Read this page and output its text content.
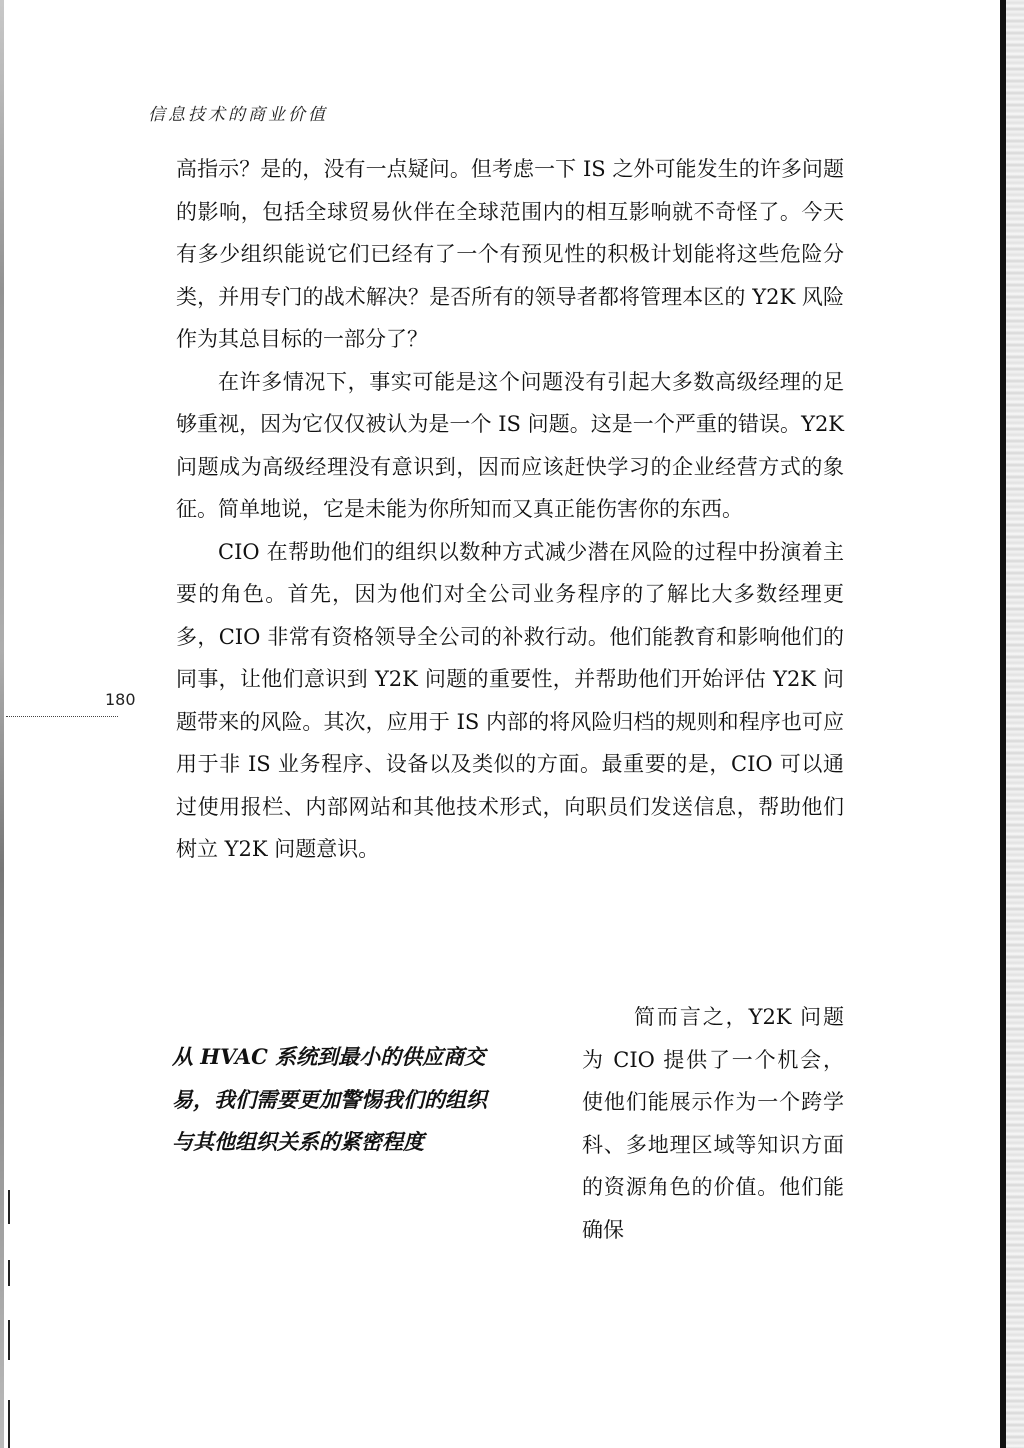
信息技术的商业价值
180

高指示？是的，没有一点疑问。但考虑一下 IS 之外可能发生的许多问题的影响，包括全球贸易伙伴在全球范围内的相互影响就不奇怪了。今天有多少组织能说它们已经有了一个有预见性的积极计划能将这些危险分类，并用专门的战术解决？是否所有的领导者都将管理本区的 Y2K 风险作为其总目标的一部分了？

在许多情况下，事实可能是这个问题没有引起大多数高级经理的足够重视，因为它仅仅被认为是一个 IS 问题。这是一个严重的错误。Y2K 问题成为高级经理没有意识到，因而应该赶快学习的企业经营方式的象征。简单地说，它是未能为你所知而又真正能伤害你的东西。

CIO 在帮助他们的组织以数种方式减少潜在风险的过程中扮演着主要的角色。首先，因为他们对全公司业务程序的了解比大多数经理更多，CIO 非常有资格领导全公司的补救行动。他们能教育和影响他们的同事，让他们意识到 Y2K 问题的重要性，并帮助他们开始评估 Y2K 问题带来的风险。其次，应用于 IS 内部的将风险归档的规则和程序也可应用于非 IS 业务程序、设备以及类似的方面。最重要的是，CIO 可以通过使用报栏、内部网站和其他技术形式，向职员们发送信息，帮助他们树立 Y2K 问题意识。

从 HVAC 系统到最小的供应商交易，我们需要更加警惕我们的组织与其他组织关系的紧密程度

简而言之，Y2K 问题为 CIO 提供了一个机会，使他们能展示作为一个跨学科、多地理区域等知识方面的资源角色的价值。他们能确保
